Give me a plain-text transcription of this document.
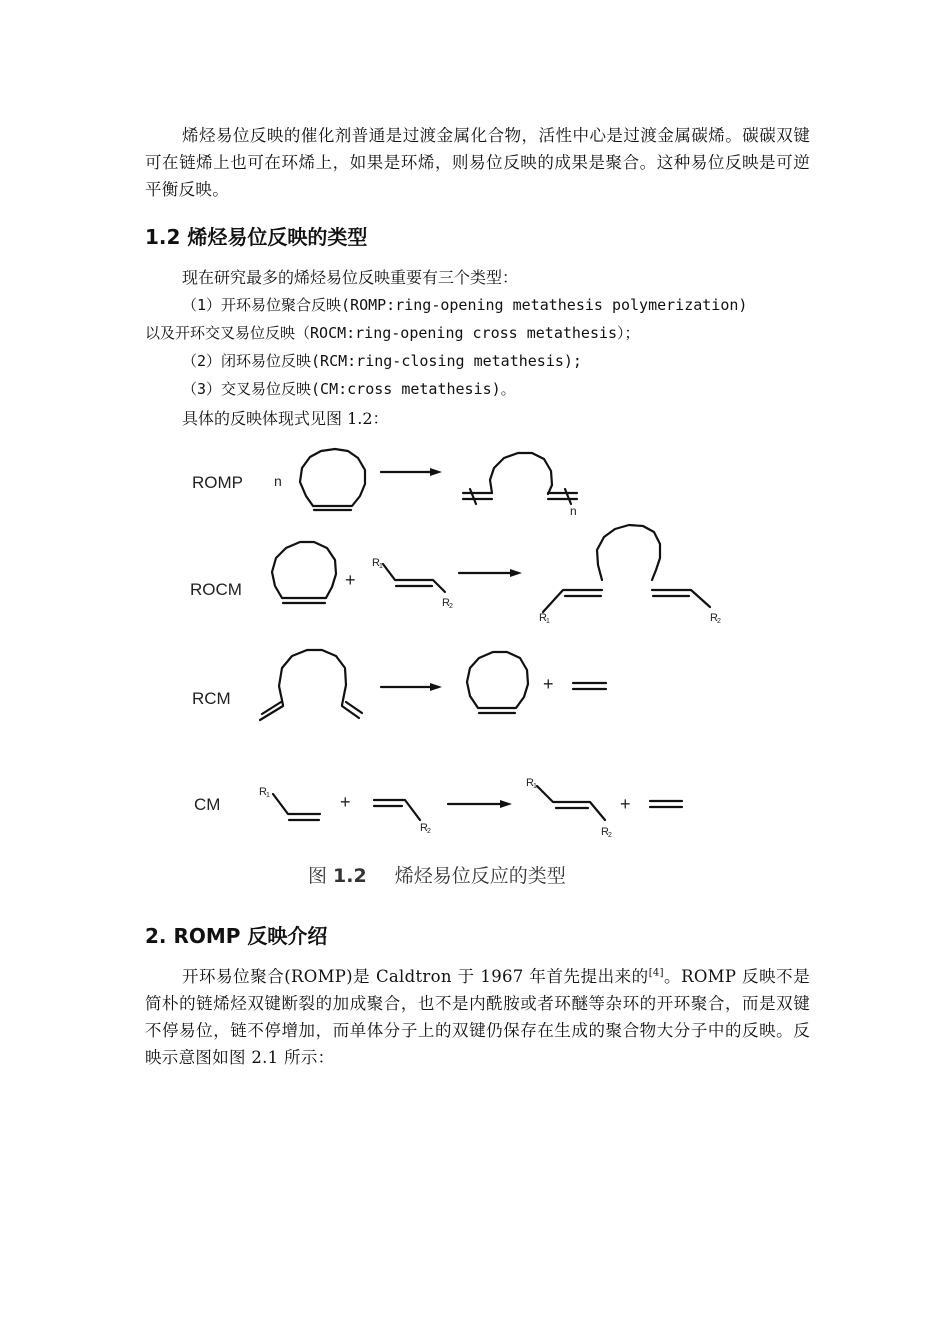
烯烃易位反映的催化剂普通是过渡金属化合物，活性中心是过渡金属碳烯。碳碳双键可在链烯上也可在环烯上，如果是环烯，则易位反映的成果是聚合。这种易位反映是可逆平衡反映。

1.2 烯烃易位反映的类型

现在研究最多的烯烃易位反映重要有三个类型：

（1）开环易位聚合反映(ROMP:ring-opening metathesis polymerization)

以及开环交叉易位反映（ROCM:ring-opening cross metathesis）；

（2）闭环易位反映(RCM:ring-closing metathesis);

（3）交叉易位反映(CM:cross metathesis)。

具体的反映体现式见图 1.2：

ROMP n
n
ROCM	+
R 1
R 2
R 1	R 2
RCM
+
CM
R 1	+
R 2
R 1
R 2
+

图 1.2 烯烃易位反应的类型

2. ROMP 反映介绍

开环易位聚合(ROMP)是 Caldtron 于 1967 年首先提出来的[4]。ROMP 反映不是简朴的链烯烃双键断裂的加成聚合，也不是内酰胺或者环醚等杂环的开环聚合，而是双键不停易位，链不停增加，而单体分子上的双键仍保存在生成的聚合物大分子中的反映。反映示意图如图 2.1 所示：
